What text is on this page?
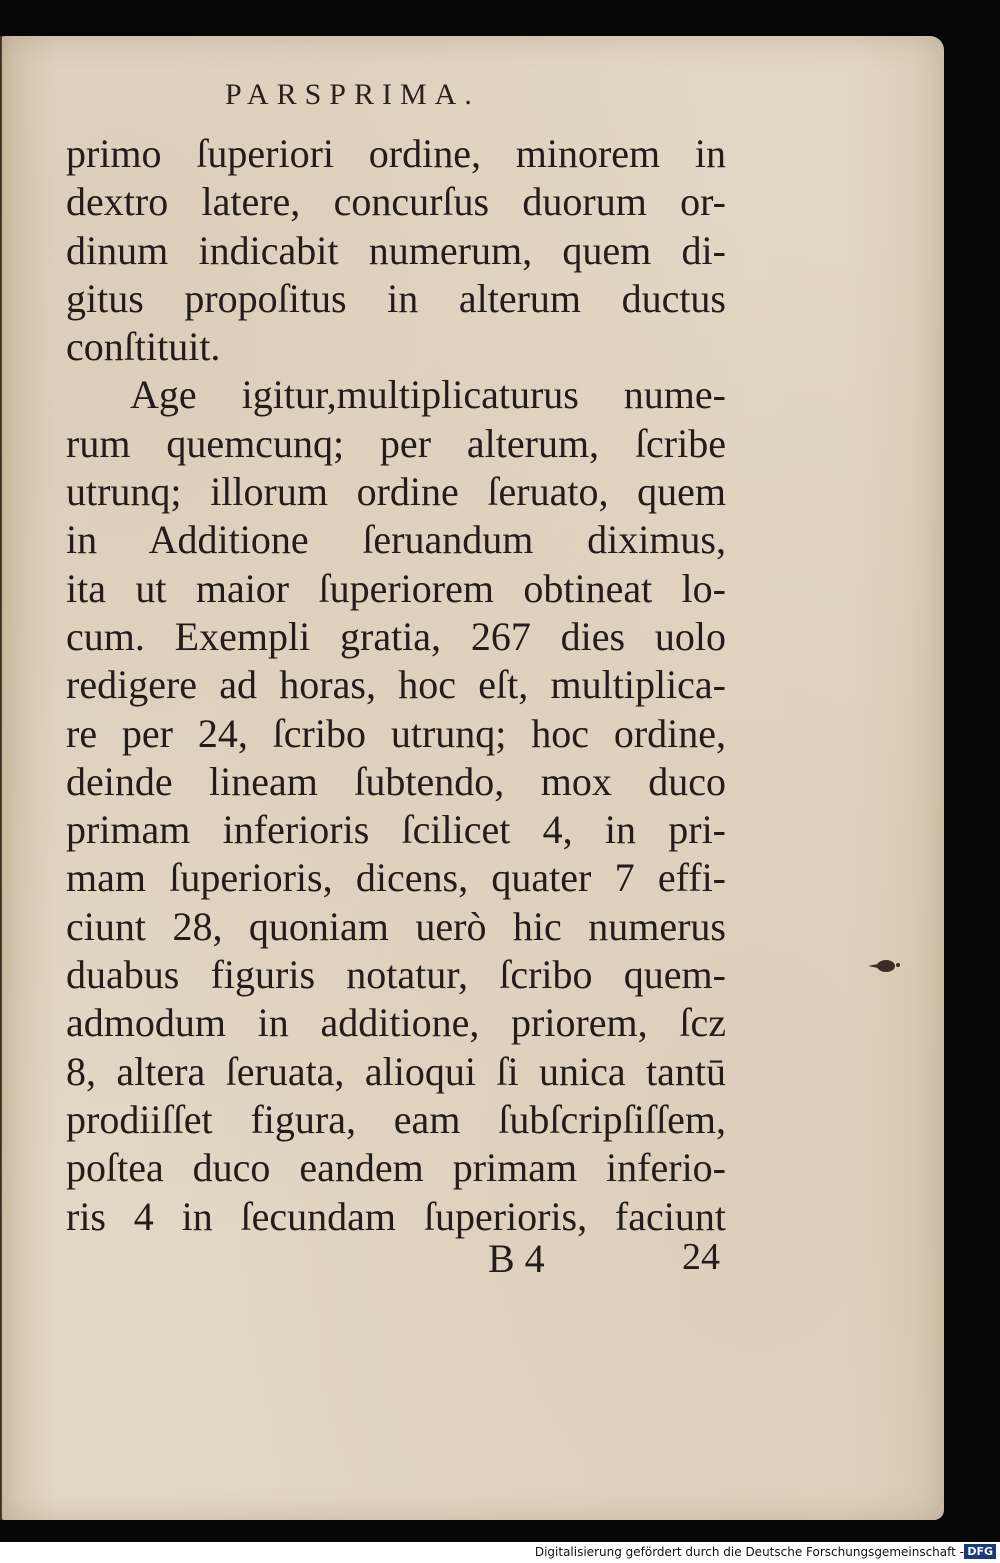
PARSPRIMA.
primo ſuperiori ordine, minorem in
dextro latere, concurſus duorum or-
dinum indicabit numerum, quem di-
gitus propoſitus in alterum ductus
conſtituit.
Age igitur,multiplicaturus nume-
rum quemcunq; per alterum, ſcribe
utrunq; illorum ordine ſeruato, quem
in Additione ſeruandum diximus,
ita ut maior ſuperiorem obtineat lo-
cum. Exempli gratia, 267 dies uolo
redigere ad horas, hoc eſt, multiplica-
re per 24, ſcribo utrunq; hoc ordine,
deinde lineam ſubtendo, mox duco
primam inferioris ſcilicet 4, in pri-
mam ſuperioris, dicens, quater 7 effi-
ciunt 28, quoniam uerò hic numerus
duabus figuris notatur, ſcribo quem-
admodum in additione, priorem, ſcz
8, altera ſeruata, alioqui ſi unica tantū
prodiiſſet figura, eam ſubſcripſiſſem,
poſtea duco eandem primam inferio-
ris 4 in ſecundam ſuperioris, faciunt
B 4	24
Digitalisierung gefördert durch die Deutsche Forschungsgemeinschaft - DFG
